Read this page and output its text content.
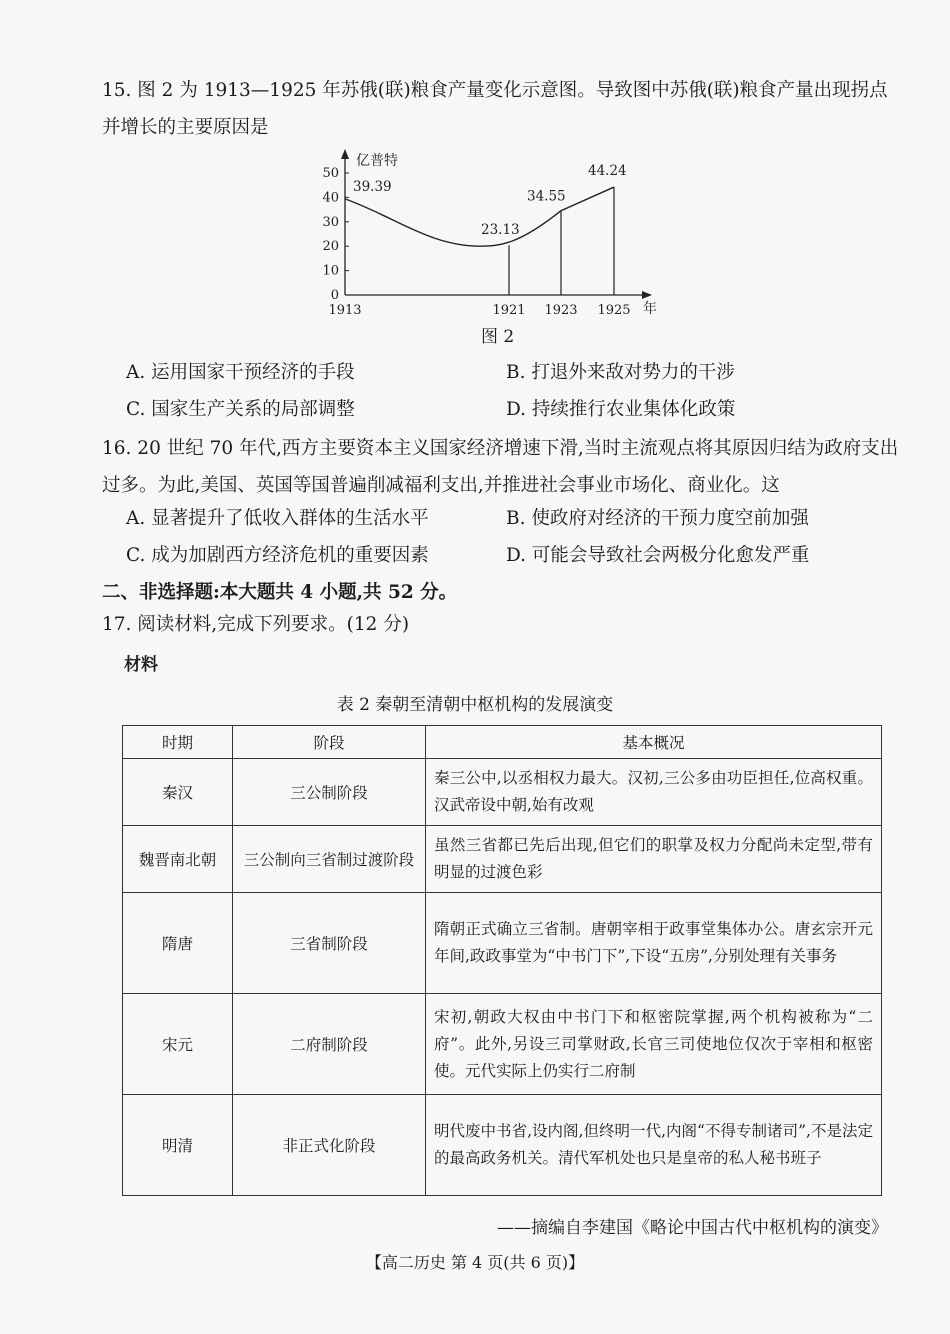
15. 图 2 为 1913—1925 年苏俄(联)粮食产量变化示意图。导致图中苏俄(联)粮食产量出现拐点并增长的主要原因是
亿普特
年
0
10
20
30
40
50
1913	1921 1923 1925
39.39
23.13
34.55
44.24
图 2
A. 运用国家干预经济的手段	B. 打退外来敌对势力的干涉
C. 国家生产关系的局部调整	D. 持续推行农业集体化政策
16. 20 世纪 70 年代,西方主要资本主义国家经济增速下滑,当时主流观点将其原因归结为政府支出过多。为此,美国、英国等国普遍削减福利支出,并推进社会事业市场化、商业化。这
A. 显著提升了低收入群体的生活水平	B. 使政府对经济的干预力度空前加强
C. 成为加剧西方经济危机的重要因素	D. 可能会导致社会两极分化愈发严重
二、非选择题:本大题共 4 小题,共 52 分。
17. 阅读材料,完成下列要求。(12 分)
材料
表 2 秦朝至清朝中枢机构的发展演变
时期	阶段	基本概况
秦汉	三公制阶段	秦三公中,以丞相权力最大。汉初,三公多由功臣担任,位高权重。汉武帝设中朝,始有改观
魏晋南北朝	三公制向三省制过渡阶段	虽然三省都已先后出现,但它们的职掌及权力分配尚未定型,带有明显的过渡色彩
隋唐	三省制阶段	隋朝正式确立三省制。唐朝宰相于政事堂集体办公。唐玄宗开元年间,政政事堂为“中书门下”,下设“五房”,分别处理有关事务
宋元	二府制阶段	宋初,朝政大权由中书门下和枢密院掌握,两个机构被称为“二府”。此外,另设三司掌财政,长官三司使地位仅次于宰相和枢密使。元代实际上仍实行二府制
明清	非正式化阶段	明代废中书省,设内阁,但终明一代,内阁“不得专制诸司”,不是法定的最高政务机关。清代军机处也只是皇帝的私人秘书班子
——摘编自李建国《略论中国古代中枢机构的演变》
【高二历史 第 4 页(共 6 页)】
